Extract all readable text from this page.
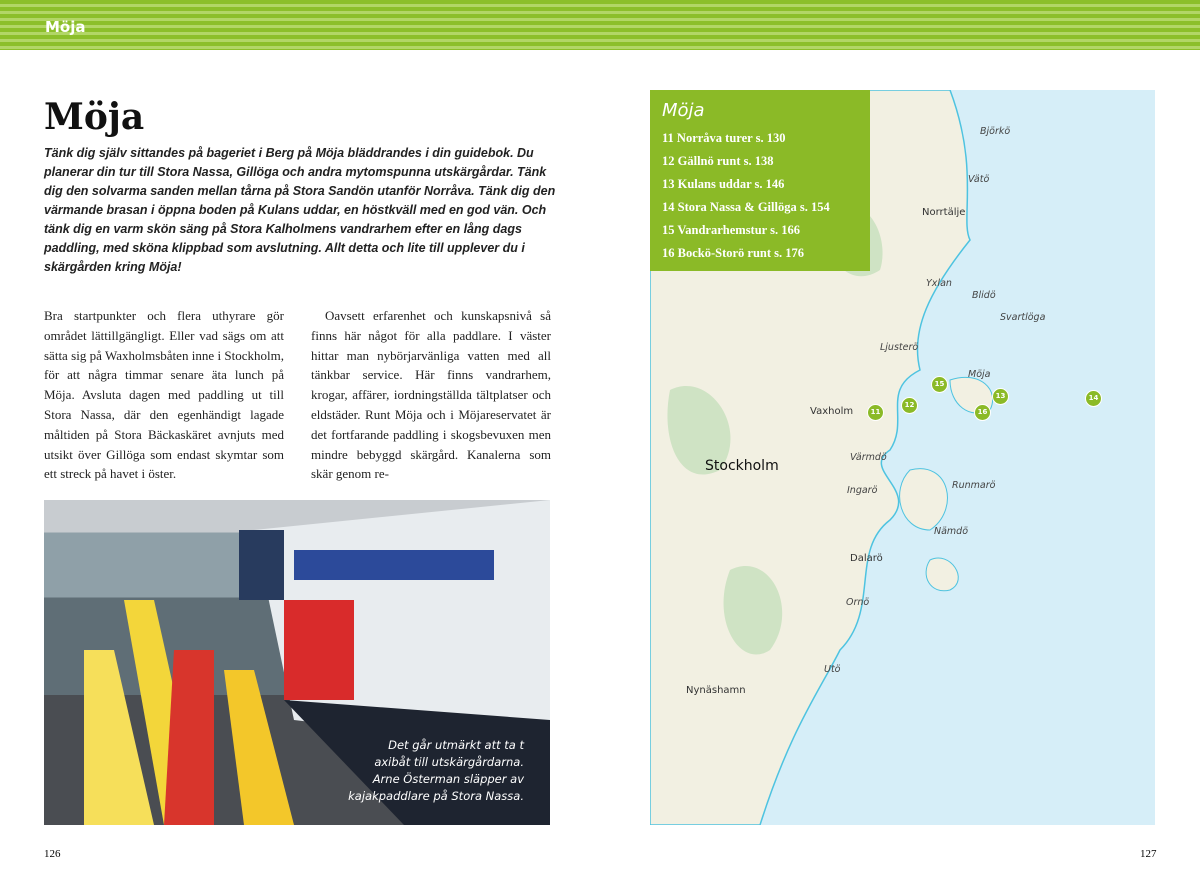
Möja
Möja
Tänk dig själv sittandes på bageriet i Berg på Möja bläddrandes i din guidebok. Du planerar din tur till Stora Nassa, Gillöga och andra mytomspunna utskärgårdar. Tänk dig den solvarma sanden mellan tårna på Stora Sandön utanför Norråva. Tänk dig den värmande brasan i öppna boden på Kulans uddar, en höstkväll med en god vän. Och tänk dig en varm skön säng på Stora Kalholmens vandrarhem efter en lång dags paddling, med sköna klippbad som avslutning. Allt detta och lite till upplever du i skärgården kring Möja!
Bra startpunkter och flera uthyrare gör området lättillgängligt. Eller vad sägs om att sätta sig på Waxholmsbåten inne i Stockholm, för att några timmar senare äta lunch på Möja. Avsluta dagen med paddling ut till Stora Nassa, där den egenhändigt lagade måltiden på Stora Bäckaskäret avnjuts med utsikt över Gillöga som endast skymtar som ett streck på havet i öster.
Oavsett erfarenhet och kunskapsnivå så finns här något för alla paddlare. I väster hittar man nybörjarvänliga vatten med all tänkbar service. Här finns vandrarhem, krogar, affärer, iordningställda tältplatser och eldstäder. Runt Möja och i Möjareservatet är det fortfarande paddling i skogsbevuxen men mindre bebyggd skärgård. Kanalerna som skär genom re-
Det går utmärkt att ta t
axibåt till utskärgårdarna.
Arne Österman släpper av
kajakpaddlare på Stora Nassa.
126	127
Björkö
Vätö
Norrtälje
Yxlan
Blidö
Svartlöga
Ljusterö
Möja
Vaxholm
Stockholm
Värmdö
Ingarö	Runmarö
Nämdö
Dalarö
Ornö
Utö
Nynäshamn
11
12
13	14
15
16
Möja
11 Norråva turer s. 130
12 Gällnö runt s. 138
13 Kulans uddar s. 146
14 Stora Nassa & Gillöga s. 154
15 Vandrarhemstur s. 166
16 Bockö-Storö runt s. 176
